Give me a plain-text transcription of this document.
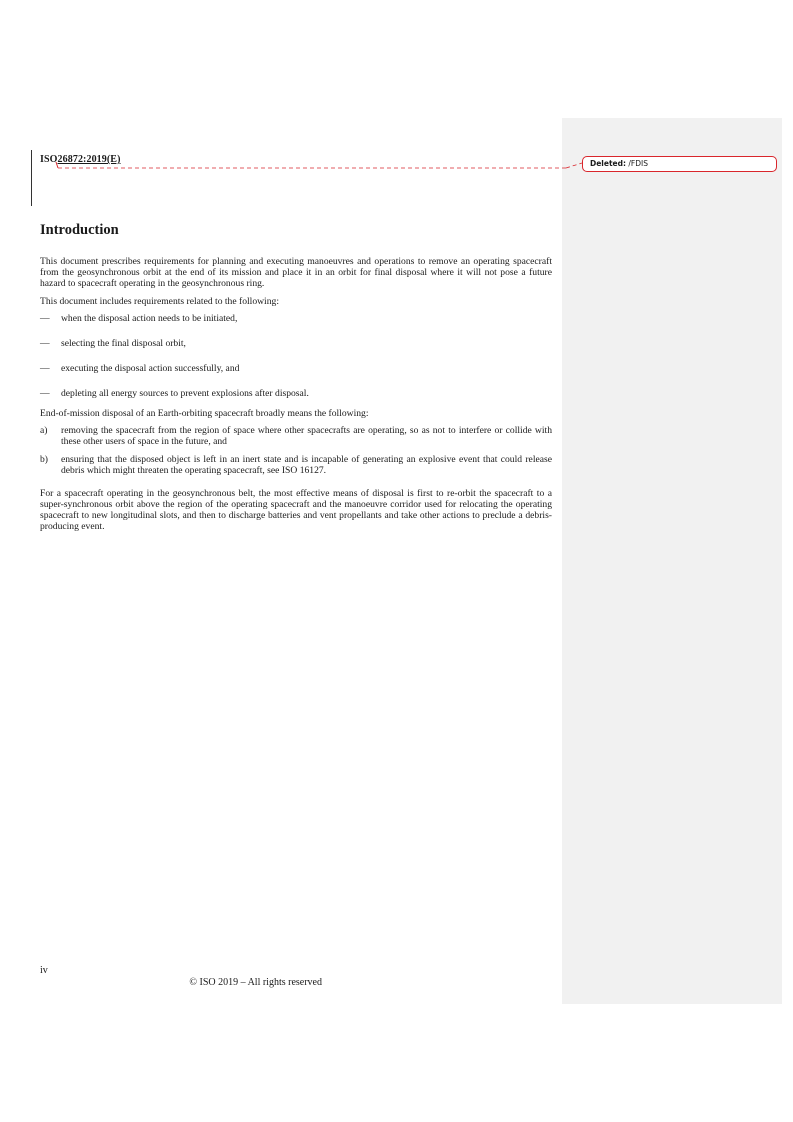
ISO26872:2019(E)
Introduction

This document prescribes requirements for planning and executing manoeuvres and operations to remove an operating spacecraft from the geosynchronous orbit at the end of its mission and place it in an orbit for final disposal where it will not pose a future hazard to spacecraft operating in the geosynchronous ring.

This document includes requirements related to the following:

—	when the disposal action needs to be initiated,
—	selecting the final disposal orbit,
—	executing the disposal action successfully, and
—	depleting all energy sources to prevent explosions after disposal.

End-of-mission disposal of an Earth-orbiting spacecraft broadly means the following:

a)	removing the spacecraft from the region of space where other spacecrafts are operating, so as not to interfere or collide with these other users of space in the future, and
b)	ensuring that the disposed object is left in an inert state and is incapable of generating an explosive event that could release debris which might threaten the operating spacecraft, see ISO 16127.

For a spacecraft operating in the geosynchronous belt, the most effective means of disposal is first to re-orbit the spacecraft to a super-synchronous orbit above the region of the operating spacecraft and the manoeuvre corridor used for relocating the operating spacecraft to new longitudinal slots, and then to discharge batteries and vent propellants and take other actions to preclude a debris-producing event.

iv
© ISO 2019 – All rights reserved
Deleted: /FDIS
